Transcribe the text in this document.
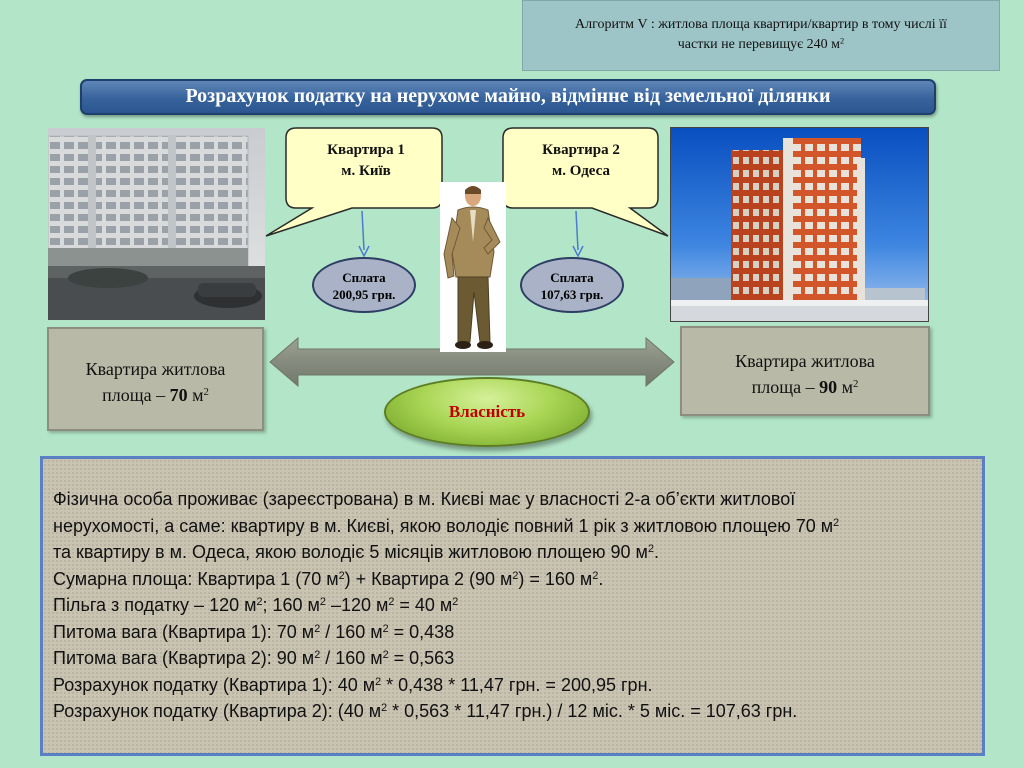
Алгоритм V : житлова площа квартири/квартир в тому числі її
частки не перевищує 240 $м^2$
Розрахунок податку на нерухоме майно, відмінне від земельної ділянки
Квартира 1
м. Київ
Квартира 2
м. Одеса
Сплата
200,95 грн.
Сплата
107,63 грн.
Квартира житлова
площа – 70 $м^2$
Квартира житлова
площа – 90 $м^2$
Власність
Фізична особа проживає (зареєстрована) в м. Києві має у власності 2-а об’єкти житлової
нерухомості, а саме: квартиру в м. Києві, якою володіє повний 1 рік з житловою площею 70 $м^2$
та квартиру в м. Одеса, якою володіє 5 місяців житловою площею 90 $м^2$.
Сумарна площа: Квартира 1 (70 $м^2$) + Квартира 2 (90 $м^2) = 160$ $м^2$.
Пільга з податку – 120 $м^2$; 160 $м^2$ –120 $м^2 = 40$ $м^2$
Питома вага (Квартира 1): 70 $м^2 / 160$ $м^2 = 0,438$
Питома вага (Квартира 2): 90 $м^2 / 160$ $м^2 = 0,563$
Розрахунок податку (Квартира 1): 40 $м^2 * 0,438 * 11,47$ грн. = 200,95 грн.
Розрахунок податку (Квартира 2): (40 $м^2 * 0,563 * 11,47$ грн.) / 12 міс. * 5 міс. = 107,63 грн.
